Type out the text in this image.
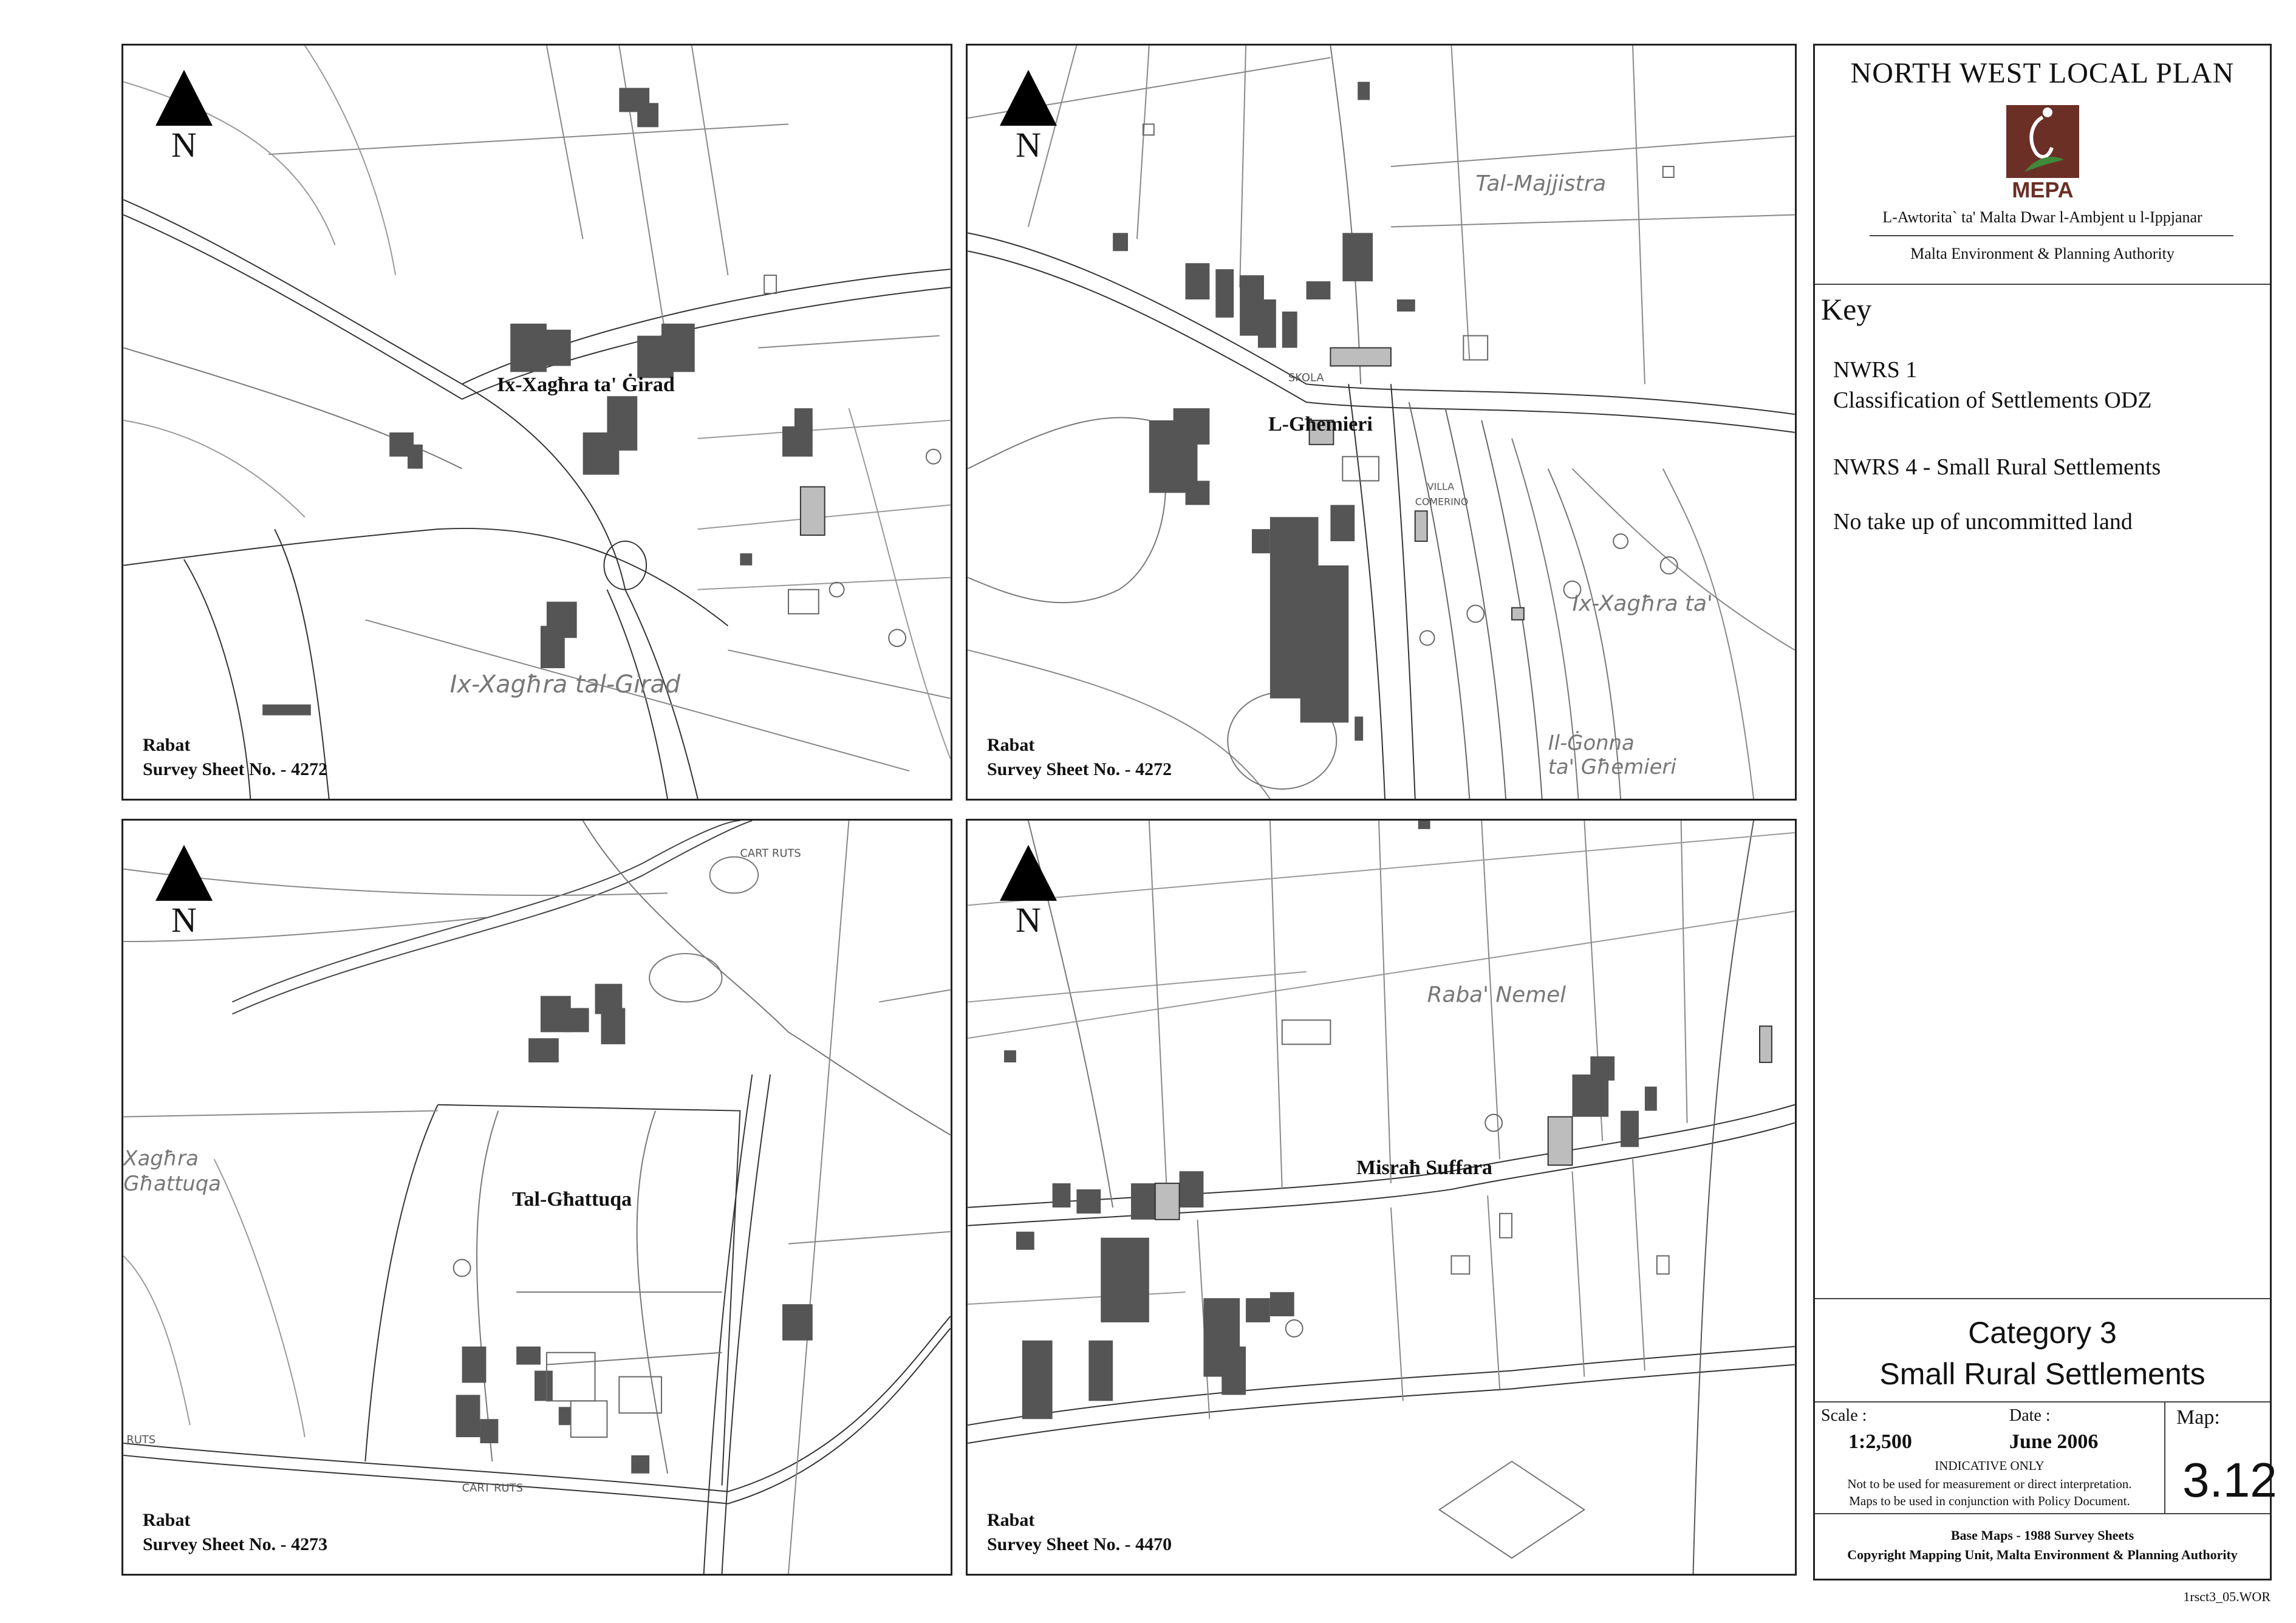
Ix-Xagħra tal-Girad
N
Ix-Xagħra ta' Ġirad
Rabat
Survey Sheet No. - 4272
Tal-Majjistra
SKOLA
VILLA
COMERINO
Ix-Xagħra ta'
Il-Ġonna
ta' Għemieri
N
L-Għemieri
Rabat
Survey Sheet No. - 4272
CART RUTS
Xagħra
Għattuqa
RUTS
CART RUTS
N
Tal-Għattuqa
Rabat
Survey Sheet No. - 4273
Raba' Nemel
N
Misraħ Suffara
Rabat
Survey Sheet No. - 4470
NORTH WEST LOCAL PLAN
MEPA
L-Awtorita` ta' Malta Dwar l-Ambjent u l-Ippjanar
Malta Environment & Planning Authority
Key
NWRS 1
Classification of Settlements ODZ
NWRS 4 - Small Rural Settlements
No take up of uncommitted land
Category 3
Small Rural Settlements
Scale :
1:2,500
Date :
June 2006
Map:
3.12
INDICATIVE ONLY
Not to be used for measurement or direct interpretation.
Maps to be used in conjunction with Policy Document.
Base Maps - 1988 Survey Sheets
Copyright Mapping Unit, Malta Environment & Planning Authority
1rsct3_05.WOR
